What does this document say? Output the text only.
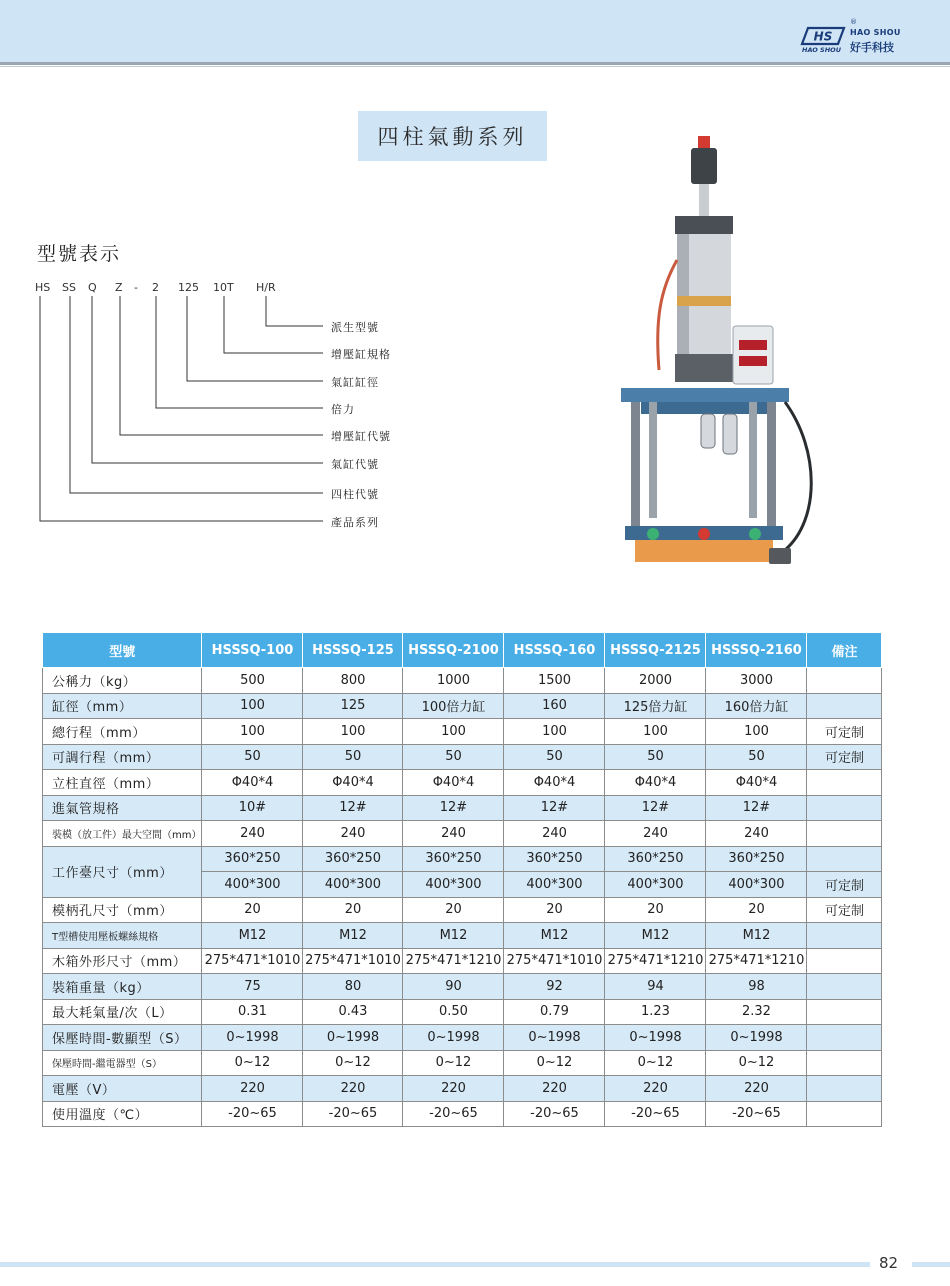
HS
®
HAO SHOU
好手科技
HAO SHOU
四柱氣動系列
型號表示
HS SS Q Z - 2 125 10T H/R
派生型號
增壓缸規格
氣缸缸徑
倍力
增壓缸代號
氣缸代號
四柱代號
產品系列
型號	HSSSQ-100	HSSSQ-125	HSSSQ-2100	HSSSQ-160	HSSSQ-2125	HSSSQ-2160	備注
公稱力（kg）	500	800	1000	1500	2000	3000	
缸徑（mm）	100	125	100倍力缸	160	125倍力缸	160倍力缸	
總行程（mm）	100	100	100	100	100	100	可定制
可調行程（mm）	50	50	50	50	50	50	可定制
立柱直徑（mm）	Φ40*4	Φ40*4	Φ40*4	Φ40*4	Φ40*4	Φ40*4	
進氣管規格	10#	12#	12#	12#	12#	12#	
裝模（放工件）最大空間（mm）	240	240	240	240	240	240	
工作臺尺寸（mm）	360*250	360*250	360*250	360*250	360*250	360*250	
	400*300	400*300	400*300	400*300	400*300	400*300	可定制
模柄孔尺寸（mm）	20	20	20	20	20	20	可定制
T型槽使用壓板螺絲規格	M12	M12	M12	M12	M12	M12	
木箱外形尺寸（mm）	275*471*1010	275*471*1010	275*471*1210	275*471*1010	275*471*1210	275*471*1210	
裝箱重量（kg）	75	80	90	92	94	98	
最大耗氣量/次（L）	0.31	0.43	0.50	0.79	1.23	2.32	
保壓時間-數顯型（S）	0~1998	0~1998	0~1998	0~1998	0~1998	0~1998	
保壓時間-繼電器型（S）	0~12	0~12	0~12	0~12	0~12	0~12	
電壓（V）	220	220	220	220	220	220	
使用溫度（℃）	-20~65	-20~65	-20~65	-20~65	-20~65	-20~65	
82
